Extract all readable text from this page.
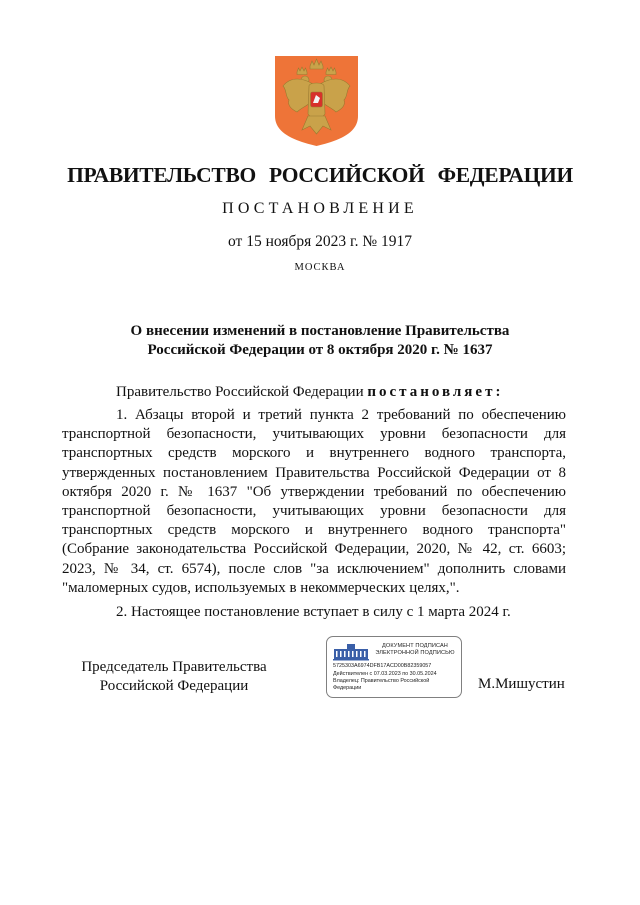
ПРАВИТЕЛЬСТВО РОССИЙСКОЙ ФЕДЕРАЦИИ
ПОСТАНОВЛЕНИЕ
от 15 ноября 2023 г. № 1917
МОСКВА
О внесении изменений в постановление Правительства
Российской Федерации от 8 октября 2020 г. № 1637
Правительство Российской Федерации постановляет:
1. Абзацы второй и третий пункта 2 требований по обеспечению транспортной безопасности, учитывающих уровни безопасности для транспортных средств морского и внутреннего водного транспорта, утвержденных постановлением Правительства Российской Федерации от 8 октября 2020 г. № 1637 "Об утверждении требований по обеспечению транспортной безопасности, учитывающих уровни безопасности для транспортных средств морского и внутреннего водного транспорта" (Собрание законодательства Российской Федерации, 2020, № 42, ст. 6603; 2023, № 34, ст. 6574), после слов "за исключением" дополнить словами "маломерных судов, используемых в некоммерческих целях,".
2. Настоящее постановление вступает в силу с 1 марта 2024 г.
Председатель Правительства
Российской Федерации
ДОКУМЕНТ ПОДПИСАН
ЭЛЕКТРОННОЙ ПОДПИСЬЮ
5725303A6974DFB17ACD00B82359057
Действителен с 07.03.2023 по 30.05.2024
Владелец: Правительство Российской
Федерации	М.Мишустин
